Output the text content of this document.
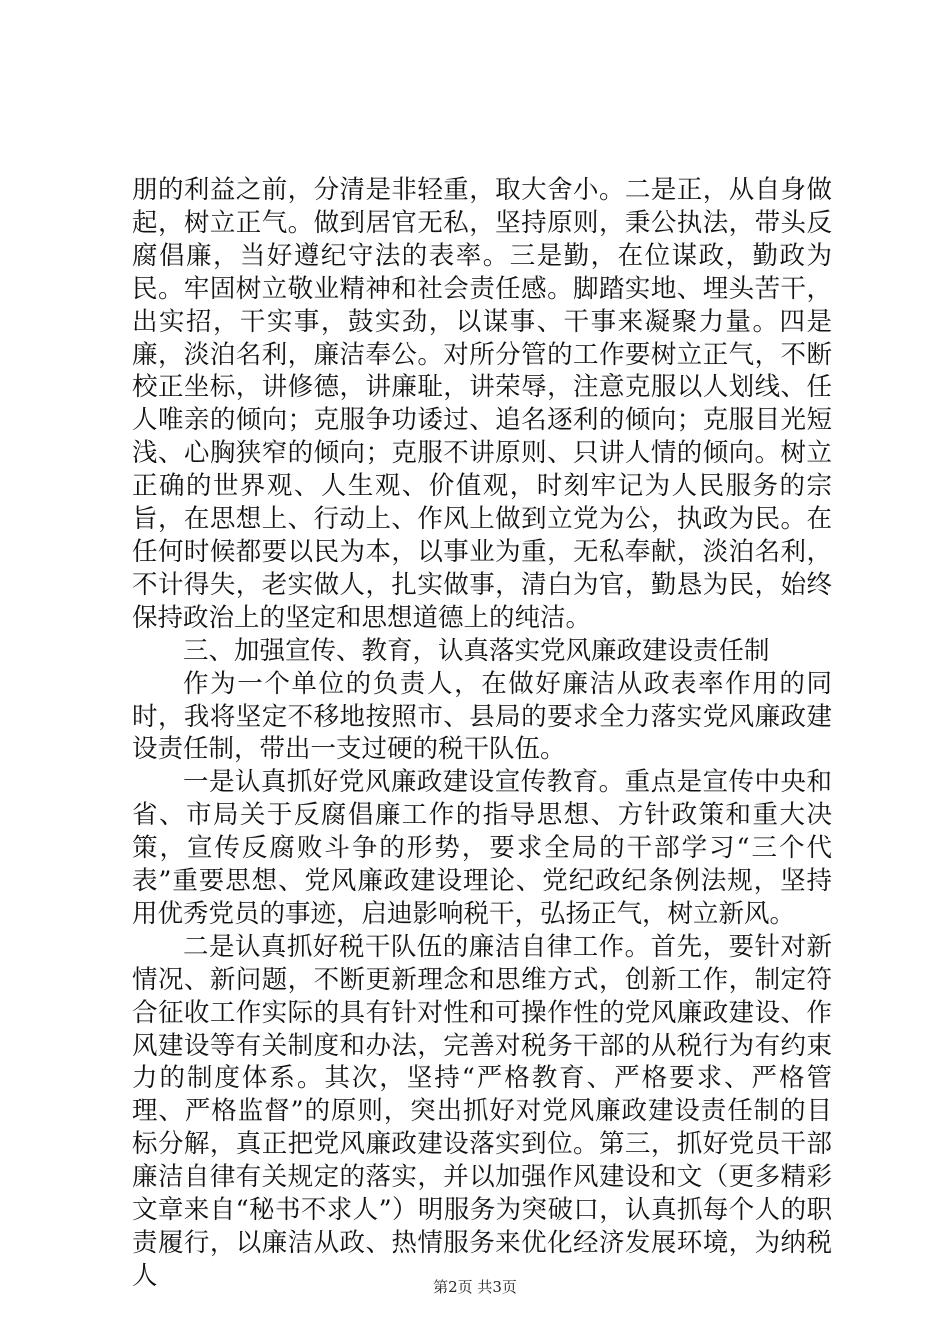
朋的利益之前，分清是非轻重，取大舍小。二是正，从自身做起，树立正气。做到居官无私，坚持原则，秉公执法，带头反腐倡廉，当好遵纪守法的表率。三是勤，在位谋政，勤政为民。牢固树立敬业精神和社会责任感。脚踏实地、埋头苦干，出实招，干实事，鼓实劲，以谋事、干事来凝聚力量。四是廉，淡泊名利，廉洁奉公。对所分管的工作要树立正气，不断校正坐标，讲修德，讲廉耻，讲荣辱，注意克服以人划线、任人唯亲的倾向；克服争功诿过、追名逐利的倾向；克服目光短浅、心胸狭窄的倾向；克服不讲原则、只讲人情的倾向。树立正确的世界观、人生观、价值观，时刻牢记为人民服务的宗旨，在思想上、行动上、作风上做到立党为公，执政为民。在任何时候都要以民为本，以事业为重，无私奉献，淡泊名利，不计得失，老实做人，扎实做事，清白为官，勤恳为民，始终保持政治上的坚定和思想道德上的纯洁。

三、加强宣传、教育，认真落实党风廉政建设责任制

作为一个单位的负责人，在做好廉洁从政表率作用的同时，我将坚定不移地按照市、县局的要求全力落实党风廉政建设责任制，带出一支过硬的税干队伍。

一是认真抓好党风廉政建设宣传教育。重点是宣传中央和省、市局关于反腐倡廉工作的指导思想、方针政策和重大决策，宣传反腐败斗争的形势，要求全局的干部学习“三个代表”重要思想、党风廉政建设理论、党纪政纪条例法规，坚持用优秀党员的事迹，启迪影响税干，弘扬正气，树立新风。

二是认真抓好税干队伍的廉洁自律工作。首先，要针对新情况、新问题，不断更新理念和思维方式，创新工作，制定符合征收工作实际的具有针对性和可操作性的党风廉政建设、作风建设等有关制度和办法，完善对税务干部的从税行为有约束力的制度体系。其次，坚持“严格教育、严格要求、严格管理、严格监督”的原则，突出抓好对党风廉政建设责任制的目标分解，真正把党风廉政建设落实到位。第三，抓好党员干部廉洁自律有关规定的落实，并以加强作风建设和文（更多精彩文章来自“秘书不求人”）明服务为突破口，认真抓每个人的职责履行，以廉洁从政、热情服务来优化经济发展环境，为纳税人	第2页 共3页
